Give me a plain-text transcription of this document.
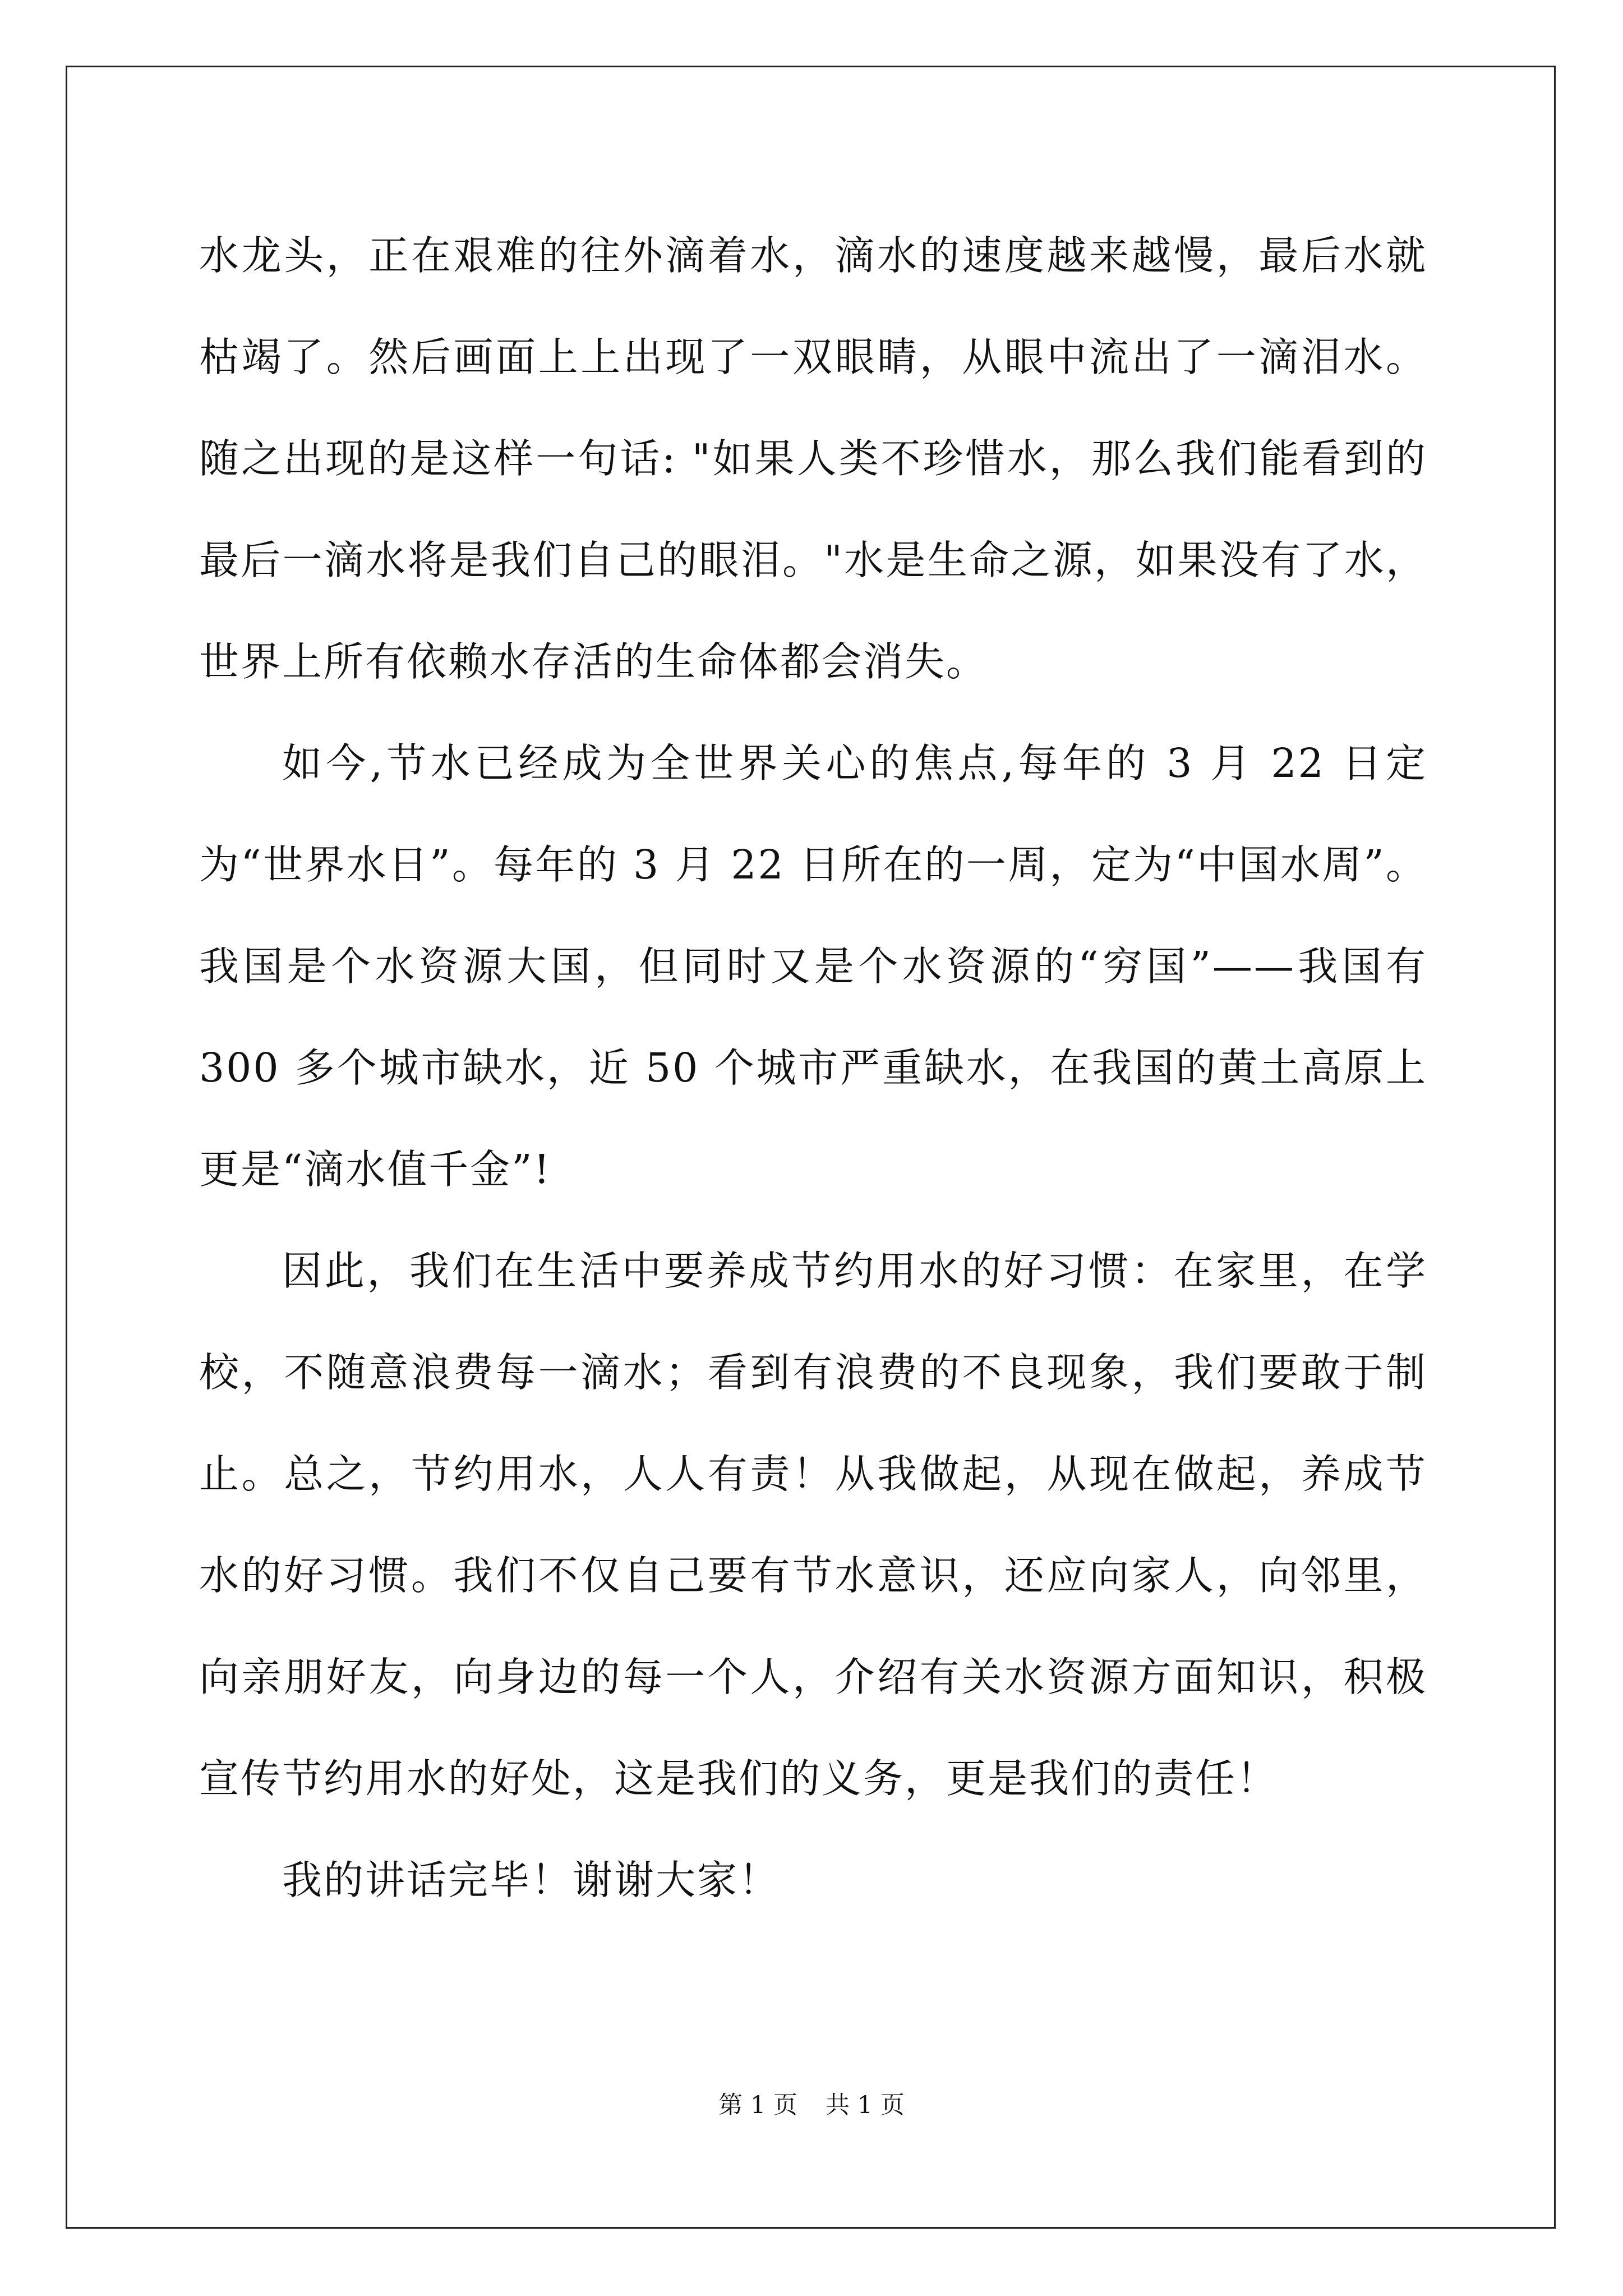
水龙头，正在艰难的往外滴着水，滴水的速度越来越慢，最后水就枯竭了。然后画面上上出现了一双眼睛，从眼中流出了一滴泪水。随之出现的是这样一句话: "如果人类不珍惜水，那么我们能看到的最后一滴水将是我们自己的眼泪。"水是生命之源，如果没有了水，世界上所有依赖水存活的生命体都会消失。

如今,节水已经成为全世界关心的焦点,每年的 3 月 22 日定为“世界水日”。每年的 3 月 22 日所在的一周，定为“中国水周”。我国是个水资源大国，但同时又是个水资源的“穷国”——我国有 300 多个城市缺水，近 50 个城市严重缺水，在我国的黄土高原上更是“滴水值千金”!

因此，我们在生活中要养成节约用水的好习惯：在家里，在学校，不随意浪费每一滴水；看到有浪费的不良现象，我们要敢于制止。总之，节约用水，人人有责！从我做起，从现在做起，养成节水的好习惯。我们不仅自己要有节水意识，还应向家人，向邻里，向亲朋好友，向身边的每一个人，介绍有关水资源方面知识，积极宣传节约用水的好处，这是我们的义务，更是我们的责任！

我的讲话完毕！谢谢大家！

第 1 页 共 1 页
